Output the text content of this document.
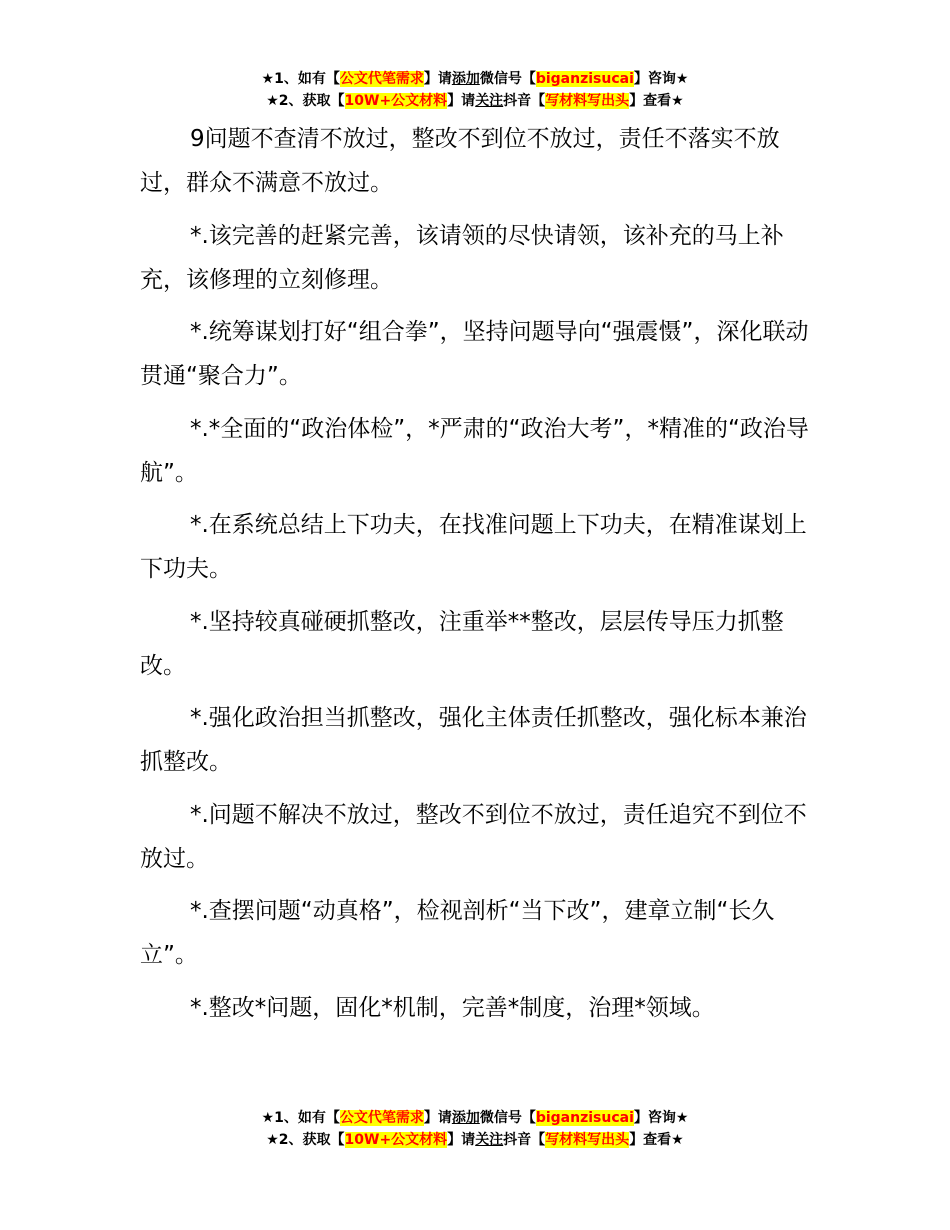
★1、如有【公文代笔需求】请添加微信号【biganzisucai】咨询★
★2、获取【10W+公文材料】请关注抖音【写材料写出头】查看★

9问题不查清不放过，整改不到位不放过，责任不落实不放过，群众不满意不放过。

*.该完善的赶紧完善，该请领的尽快请领，该补充的马上补充，该修理的立刻修理。

*.统筹谋划打好“组合拳”，坚持问题导向“强震慑”，深化联动贯通“聚合力”。

*.*全面的“政治体检”，*严肃的“政治大考”，*精准的“政治导航”。

*.在系统总结上下功夫，在找准问题上下功夫，在精准谋划上下功夫。

*.坚持较真碰硬抓整改，注重举**整改，层层传导压力抓整改。

*.强化政治担当抓整改，强化主体责任抓整改，强化标本兼治抓整改。

*.问题不解决不放过，整改不到位不放过，责任追究不到位不放过。

*.查摆问题“动真格”，检视剖析“当下改”，建章立制“长久立”。

*.整改*问题，固化*机制，完善*制度，治理*领域。

★1、如有【公文代笔需求】请添加微信号【biganzisucai】咨询★
★2、获取【10W+公文材料】请关注抖音【写材料写出头】查看★
